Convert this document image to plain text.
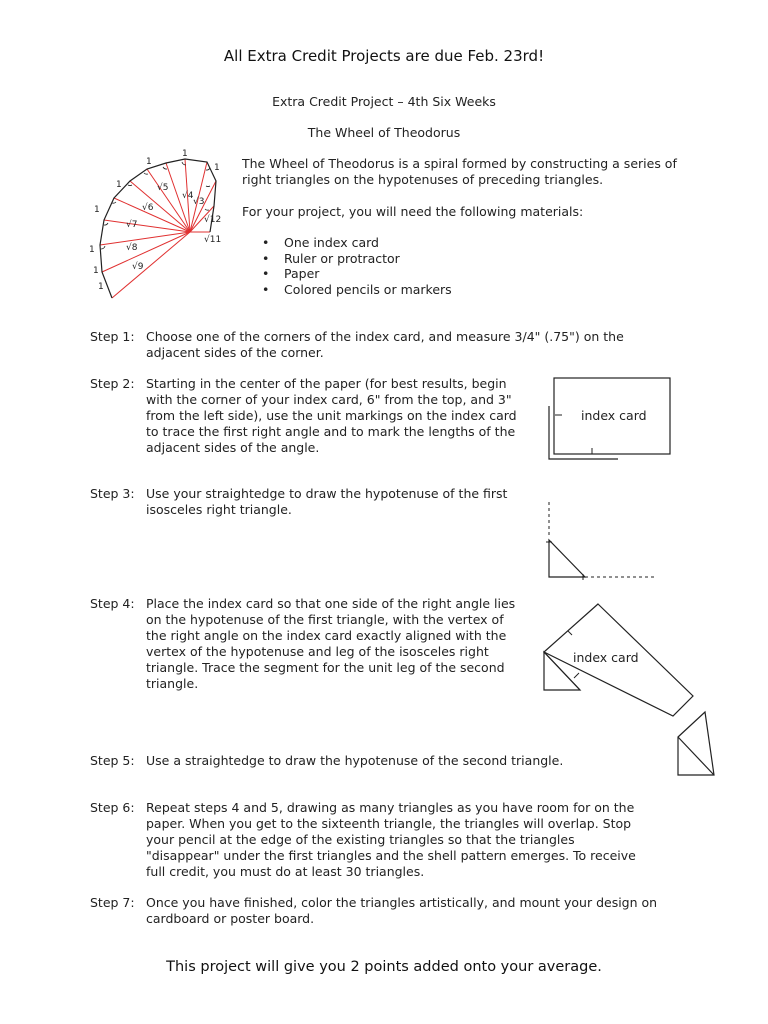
All Extra Credit Projects are due Feb. 23rd!
Extra Credit Project – 4th Six Weeks
The Wheel of Theodorus
1
1
1
1
1
1
1
1
√4
√5
√3
√6
√12
√7
√11
√8
√9
The Wheel of Theodorus is a spiral formed by constructing a series of right triangles on the hypotenuses of preceding triangles.
For your project, you will need the following materials:
• One index card
• Ruler or protractor
• Paper
• Colored pencils or markers
Step 1: Choose one of the corners of the index card, and measure 3/4" (.75") on the adjacent sides of the corner.
Step 2: Starting in the center of the paper (for best results, begin with the corner of your index card, 6" from the top, and 3" from the left side), use the unit markings on the index card to trace the first right angle and to mark the lengths of the adjacent sides of the angle.
Step 3: Use your straightedge to draw the hypotenuse of the first isosceles right triangle.
Step 4: Place the index card so that one side of the right angle lies on the hypotenuse of the first triangle, with the vertex of the right angle on the index card exactly aligned with the vertex of the hypotenuse and leg of the isosceles right triangle. Trace the segment for the unit leg of the second triangle.
Step 5: Use a straightedge to draw the hypotenuse of the second triangle.
Step 6: Repeat steps 4 and 5, drawing as many triangles as you have room for on the paper. When you get to the sixteenth triangle, the triangles will overlap. Stop your pencil at the edge of the existing triangles so that the triangles "disappear" under the first triangles and the shell pattern emerges. To receive full credit, you must do at least 30 triangles.
Step 7: Once you have finished, color the triangles artistically, and mount your design on cardboard or poster board.
index card
index card
This project will give you 2 points added onto your average.
